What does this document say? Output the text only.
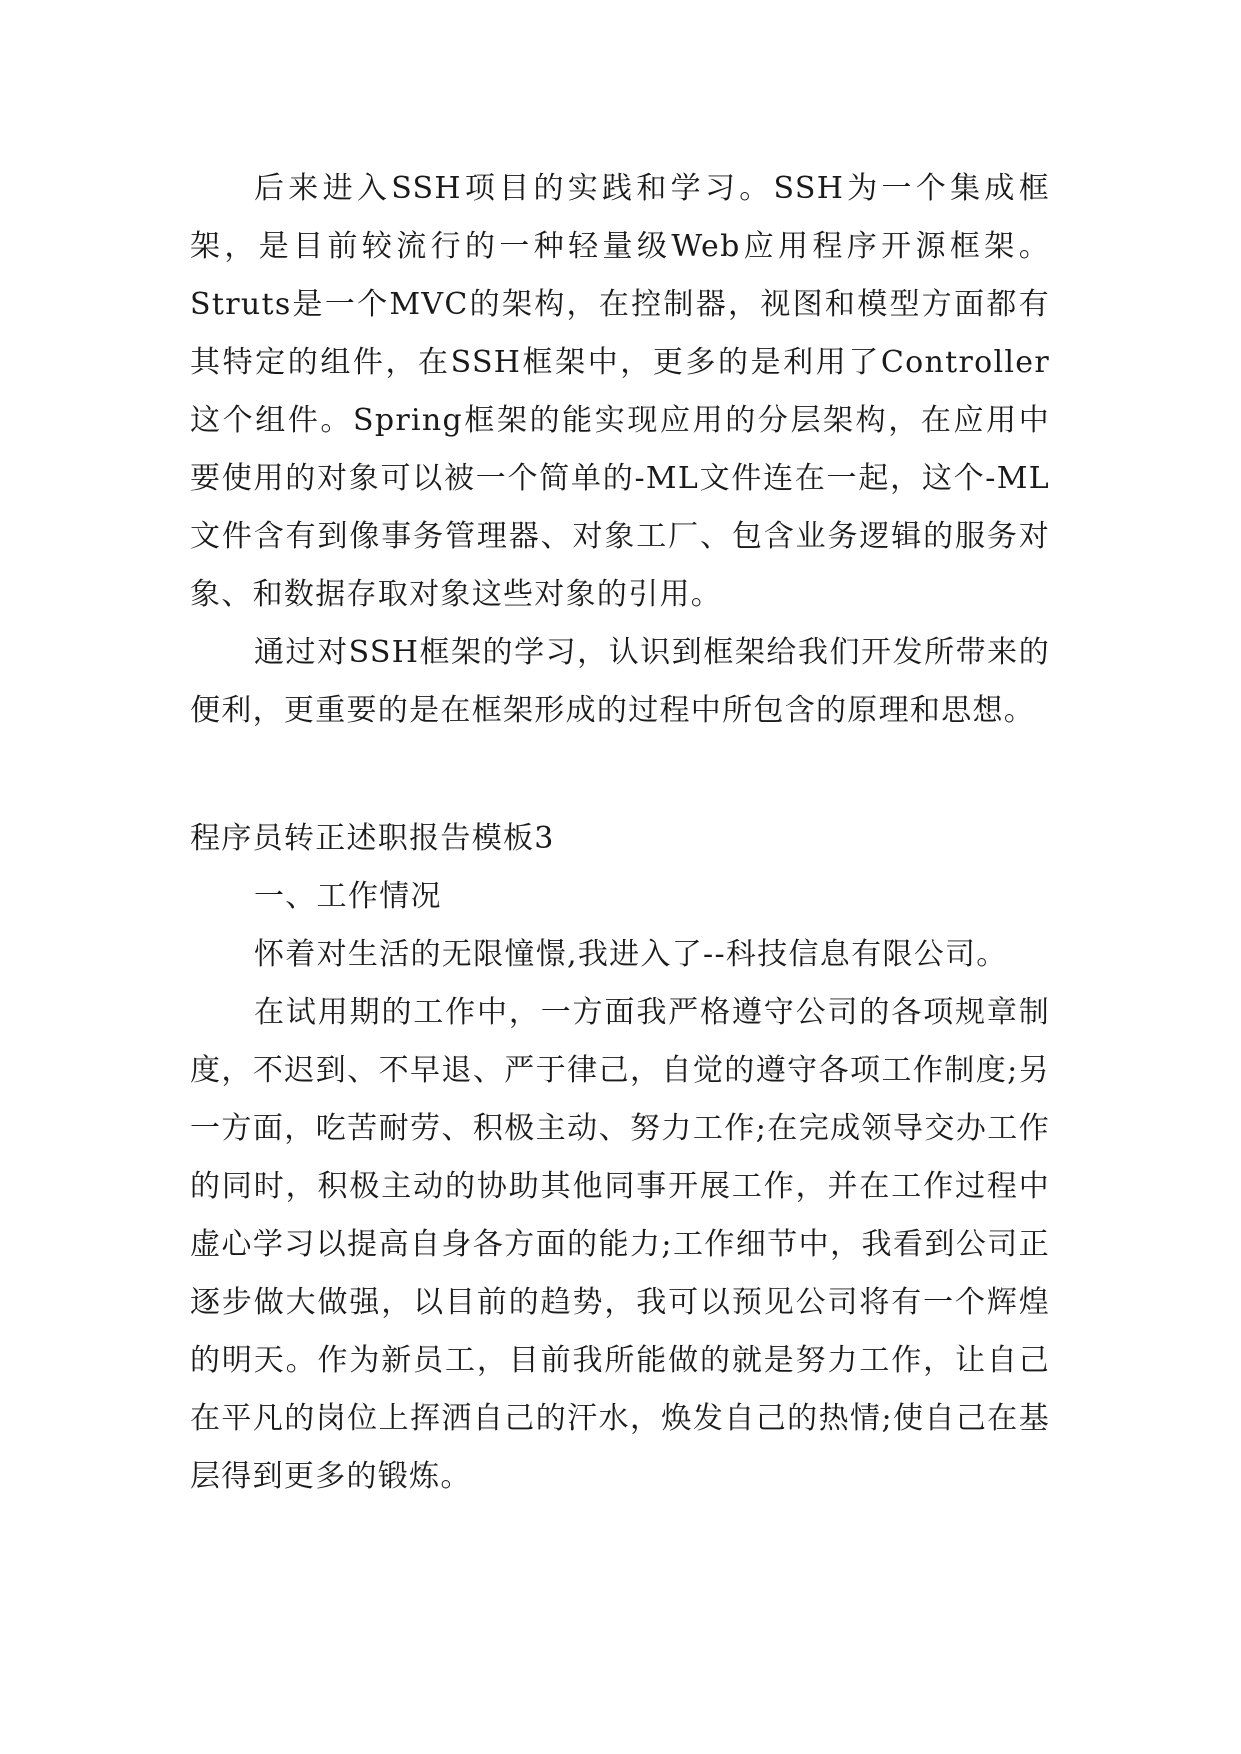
后来进入SSH项目的实践和学习。SSH为一个集成框架，是目前较流行的一种轻量级Web应用程序开源框架。Struts是一个MVC的架构，在控制器，视图和模型方面都有其特定的组件，在SSH框架中，更多的是利用了Controller这个组件。Spring框架的能实现应用的分层架构，在应用中要使用的对象可以被一个简单的-ML文件连在一起，这个-ML文件含有到像事务管理器、对象工厂、包含业务逻辑的服务对象、和数据存取对象这些对象的引用。

通过对SSH框架的学习，认识到框架给我们开发所带来的便利，更重要的是在框架形成的过程中所包含的原理和思想。

程序员转正述职报告模板3

一、工作情况

怀着对生活的无限憧憬,我进入了--科技信息有限公司。

在试用期的工作中，一方面我严格遵守公司的各项规章制度，不迟到、不早退、严于律己，自觉的遵守各项工作制度;另一方面，吃苦耐劳、积极主动、努力工作;在完成领导交办工作的同时，积极主动的协助其他同事开展工作，并在工作过程中虚心学习以提高自身各方面的能力;工作细节中，我看到公司正逐步做大做强，以目前的趋势，我可以预见公司将有一个辉煌的明天。作为新员工，目前我所能做的就是努力工作，让自己在平凡的岗位上挥洒自己的汗水，焕发自己的热情;使自己在基层得到更多的锻炼。
